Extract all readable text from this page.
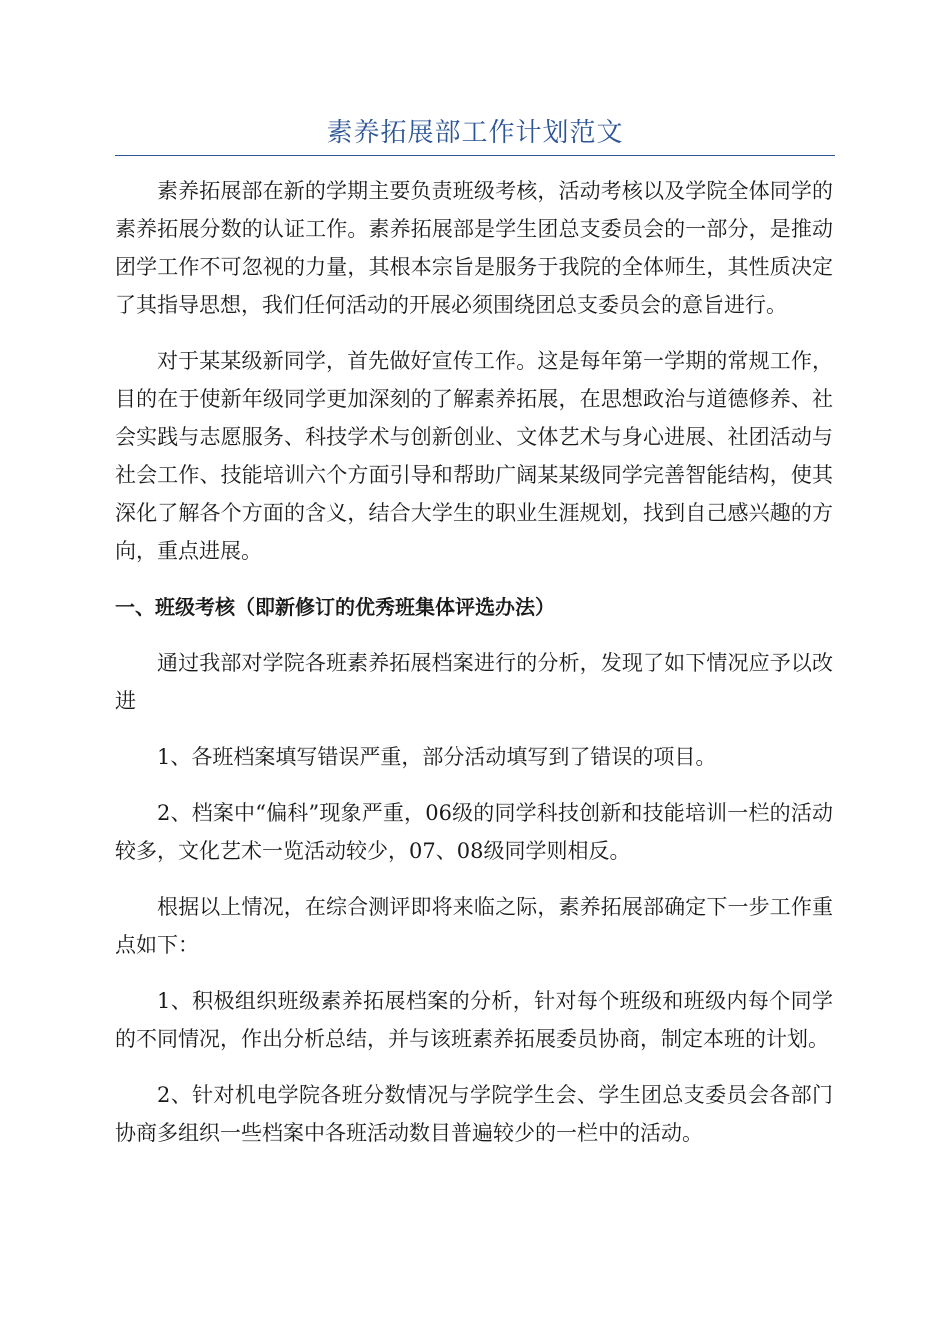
素养拓展部工作计划范文

素养拓展部在新的学期主要负责班级考核，活动考核以及学院全体同学的素养拓展分数的认证工作。素养拓展部是学生团总支委员会的一部分，是推动团学工作不可忽视的力量，其根本宗旨是服务于我院的全体师生，其性质决定了其指导思想，我们任何活动的开展必须围绕团总支委员会的意旨进行。

对于某某级新同学，首先做好宣传工作。这是每年第一学期的常规工作，目的在于使新年级同学更加深刻的了解素养拓展，在思想政治与道德修养、社会实践与志愿服务、科技学术与创新创业、文体艺术与身心进展、社团活动与社会工作、技能培训六个方面引导和帮助广阔某某级同学完善智能结构，使其深化了解各个方面的含义，结合大学生的职业生涯规划，找到自己感兴趣的方向，重点进展。

一、班级考核（即新修订的优秀班集体评选办法）

通过我部对学院各班素养拓展档案进行的分析，发现了如下情况应予以改进

1、各班档案填写错误严重，部分活动填写到了错误的项目。

2、档案中“偏科”现象严重，06级的同学科技创新和技能培训一栏的活动较多，文化艺术一览活动较少，07、08级同学则相反。

根据以上情况，在综合测评即将来临之际，素养拓展部确定下一步工作重点如下：

1、积极组织班级素养拓展档案的分析，针对每个班级和班级内每个同学的不同情况，作出分析总结，并与该班素养拓展委员协商，制定本班的计划。

2、针对机电学院各班分数情况与学院学生会、学生团总支委员会各部门协商多组织一些档案中各班活动数目普遍较少的一栏中的活动。
